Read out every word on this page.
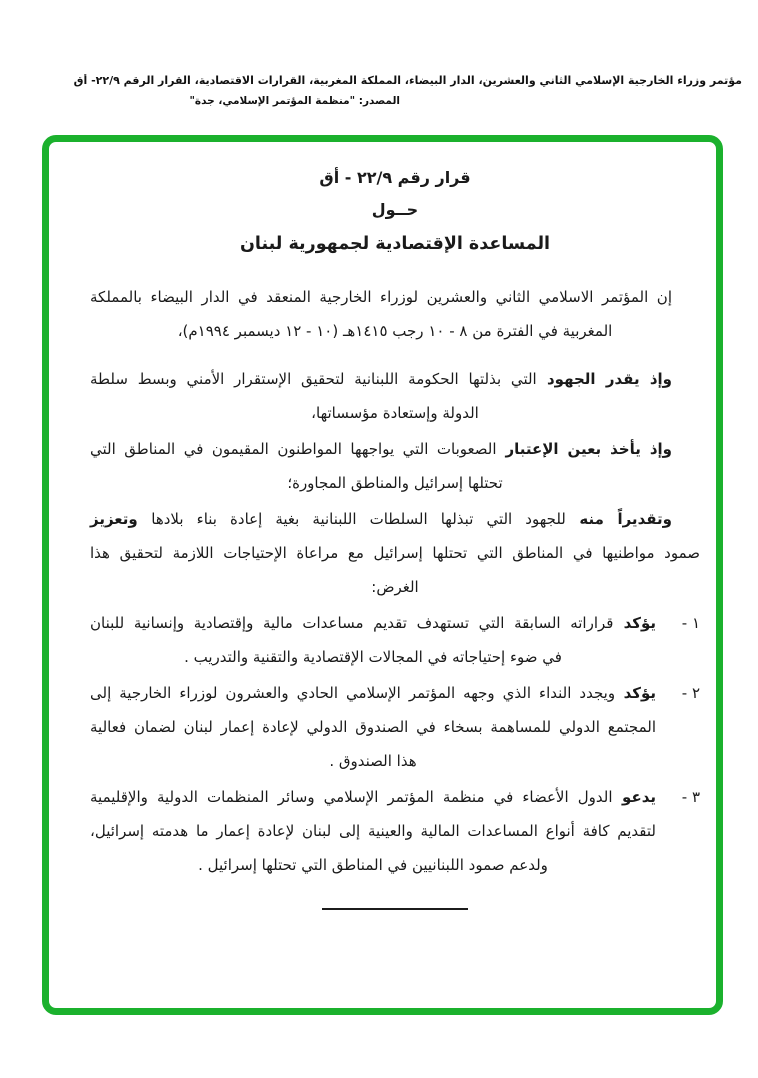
مؤتمر وزراء الخارجية الإسلامي الثاني والعشرين، الدار البيضاء، المملكة المغربية، القرارات الاقتصادية، القرار الرقم ٢٢/٩- أق
المصدر: "منظمة المؤتمر الإسلامي، جدة"
قرار رقم ٢٢/٩ - أق
حــول
المساعدة الإقتصادية لجمهورية لبنان
إن المؤتمر الاسلامي الثاني والعشرين لوزراء الخارجية المنعقد في الدار البيضاء بالمملكة
المغربية في الفترة من ٨ - ١٠ رجب ١٤١٥هـ (١٠ - ١٢ ديسمبر ١٩٩٤م)،
وإذ يقدر الجهود التي بذلتها الحكومة اللبنانية لتحقيق الإستقرار الأمني وبسط سلطة
الدولة وإستعادة مؤسساتها،
وإذ يأخذ بعين الإعتبار الصعوبات التي يواجهها المواطنون المقيمون في المناطق التي
تحتلها إسرائيل والمناطق المجاورة؛
وتقديراً منه للجهود التي تبذلها السلطات اللبنانية بغية إعادة بناء بلادها وتعزيز
صمود مواطنيها في المناطق التي تحتلها إسرائيل مع مراعاة الإحتياجات اللازمة لتحقيق هذا
الغرض:
١ -
يؤكد قراراته السابقة التي تستهدف تقديم مساعدات مالية وإقتصادية وإنسانية للبنان
في ضوء إحتياجاته في المجالات الإقتصادية والتقنية والتدريب .
٢ -
يؤكد ويجدد النداء الذي وجهه المؤتمر الإسلامي الحادي والعشرون لوزراء الخارجية إلى
المجتمع الدولي للمساهمة بسخاء في الصندوق الدولي لإعادة إعمار لبنان لضمان فعالية
هذا الصندوق .
٣ -
يدعو الدول الأعضاء في منظمة المؤتمر الإسلامي وسائر المنظمات الدولية والإقليمية
لتقديم كافة أنواع المساعدات المالية والعينية إلى لبنان لإعادة إعمار ما هدمته إسرائيل،
ولدعم صمود اللبنانيين في المناطق التي تحتلها إسرائيل .
